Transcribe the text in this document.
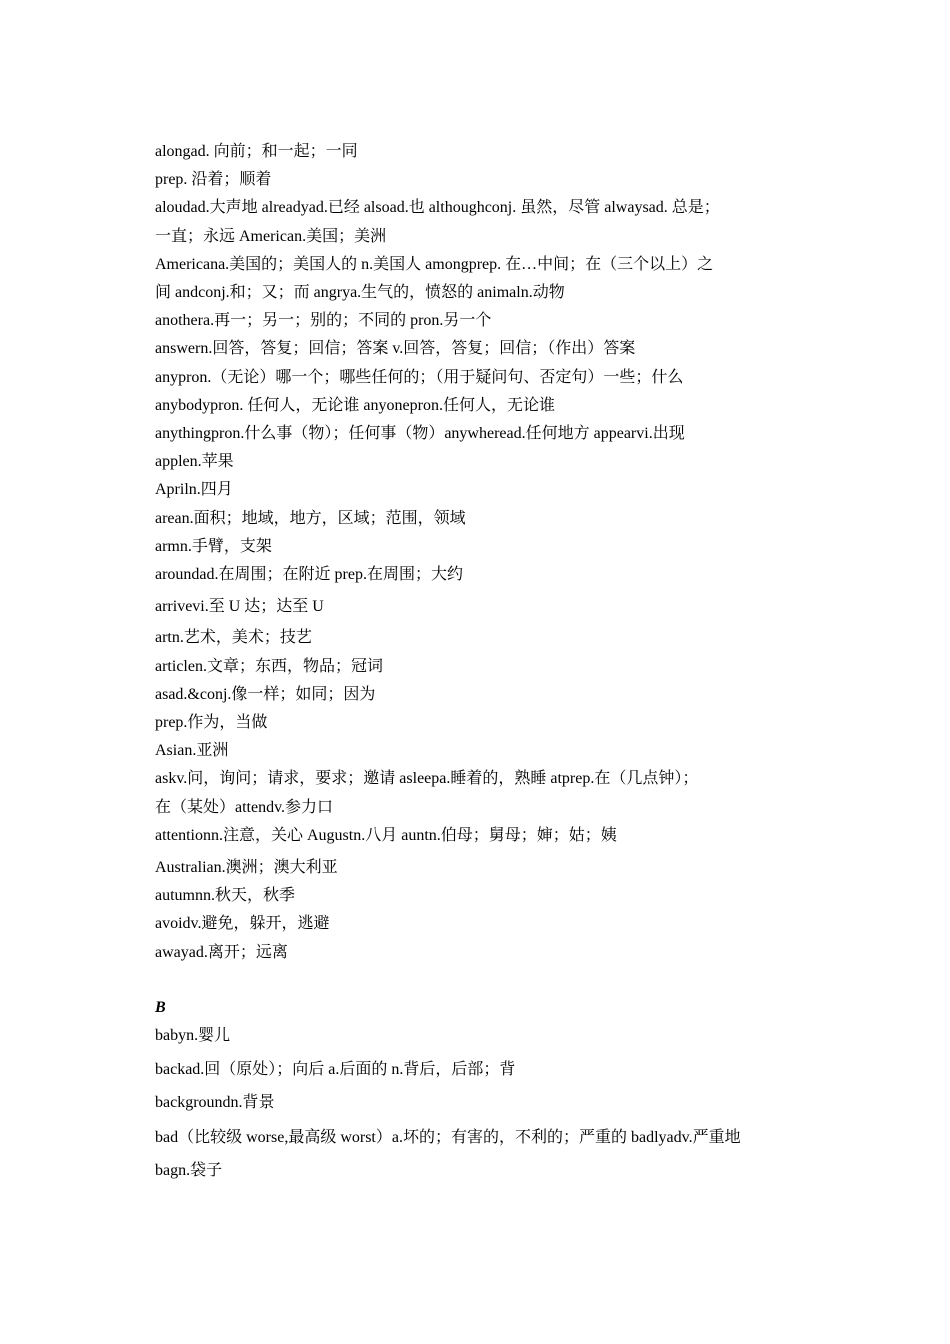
alongad. 向前；和一起；一同
prep. 沿着；顺着
aloudad.大声地 alreadyad.已经 alsoad.也 althoughconj. 虽然，尽管 alwaysad. 总是；
一直；永远 American.美国；美洲
Americana.美国的；美国人的 n.美国人 amongprep. 在…中间；在（三个以上）之
间 andconj.和；又；而 angrya.生气的，愤怒的 animaln.动物
anothera.再一；另一；别的；不同的 pron.另一个
answern.回答，答复；回信；答案 v.回答，答复；回信；（作出）答案
anypron.（无论）哪一个；哪些任何的；（用于疑问句、否定句）一些；什么
anybodypron. 任何人，无论谁 anyonepron.任何人，无论谁
anythingpron.什么事（物）；任何事（物）anywheread.任何地方 appearvi.出现
applen.苹果
Apriln.四月
arean.面积；地域，地方，区域；范围，领域
armn.手臂，支架
aroundad.在周围；在附近 prep.在周围；大约
arrivevi.至 U 达；达至 U
artn.艺术，美术；技艺
articlen.文章；东西，物品；冠词
asad.&conj.像一样；如同；因为
prep.作为，当做
Asian.亚洲
askv.问，询问；请求，要求；邀请 asleepa.睡着的，熟睡 atprep.在（几点钟）；
在（某处）attendv.参力口
attentionn.注意，关心 Augustn.八月 auntn.伯母；舅母；婶；姑；姨
Australian.澳洲；澳大利亚
autumnn.秋天，秋季
avoidv.避免，躲开，逃避
awayad.离开；远离
B
babyn.婴儿
backad.回（原处）；向后 a.后面的 n.背后，后部；背
backgroundn.背景
bad（比较级 worse,最高级 worst）a.坏的；有害的，不利的；严重的 badlyadv.严重地
bagn.袋子
